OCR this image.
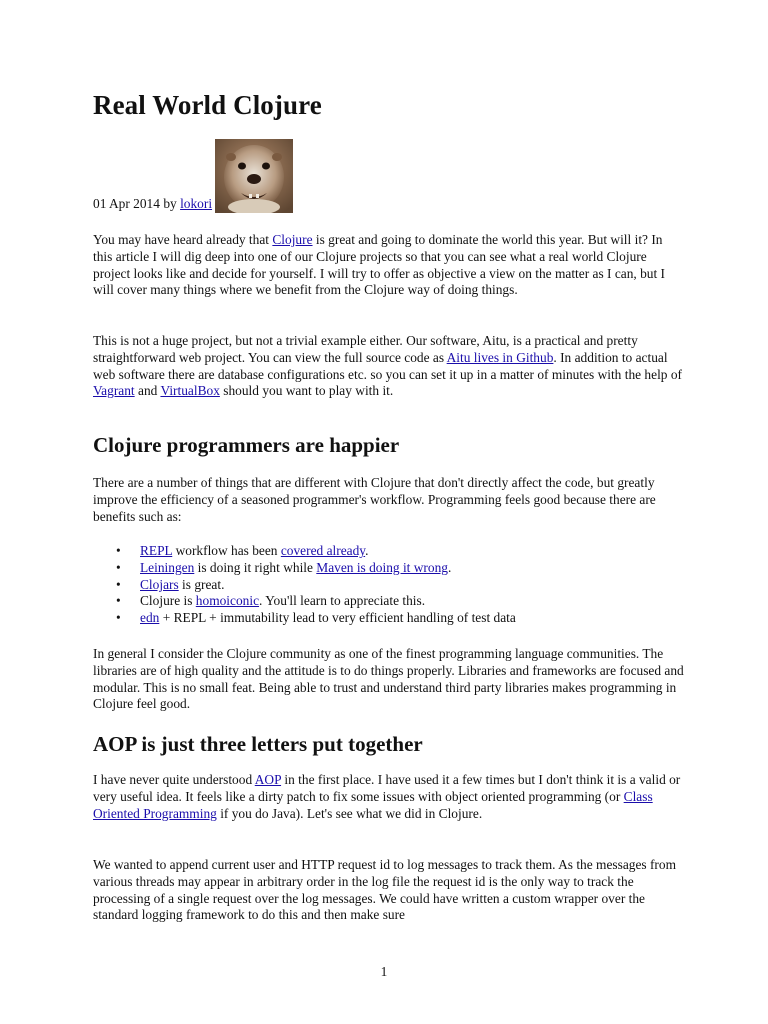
Real World Clojure
01 Apr 2014 by lokori

You may have heard already that Clojure is great and going to dominate the world this year. But will it? In this article I will dig deep into one of our Clojure projects so that you can see what a real world Clojure project looks like and decide for yourself. I will try to offer as objective a view on the matter as I can, but I will cover many things where we benefit from the Clojure way of doing things.

This is not a huge project, but not a trivial example either. Our software, Aitu, is a practical and pretty straightforward web project. You can view the full source code as Aitu lives in Github. In addition to actual web software there are database configurations etc. so you can set it up in a matter of minutes with the help of Vagrant and VirtualBox should you want to play with it.

Clojure programmers are happier

There are a number of things that are different with Clojure that don't directly affect the code, but greatly improve the efficiency of a seasoned programmer's workflow. Programming feels good because there are benefits such as:

• REPL workflow has been covered already.
• Leiningen is doing it right while Maven is doing it wrong.
• Clojars is great.
• Clojure is homoiconic. You'll learn to appreciate this.
• edn + REPL + immutability lead to very efficient handling of test data

In general I consider the Clojure community as one of the finest programming language communities. The libraries are of high quality and the attitude is to do things properly. Libraries and frameworks are focused and modular. This is no small feat. Being able to trust and understand third party libraries makes programming in Clojure feel good.

AOP is just three letters put together

I have never quite understood AOP in the first place. I have used it a few times but I don't think it is a valid or very useful idea. It feels like a dirty patch to fix some issues with object oriented programming (or Class Oriented Programming if you do Java). Let's see what we did in Clojure.

We wanted to append current user and HTTP request id to log messages to track them. As the messages from various threads may appear in arbitrary order in the log file the request id is the only way to track the processing of a single request over the log messages. We could have written a custom wrapper over the standard logging framework to do this and then make sure

1
